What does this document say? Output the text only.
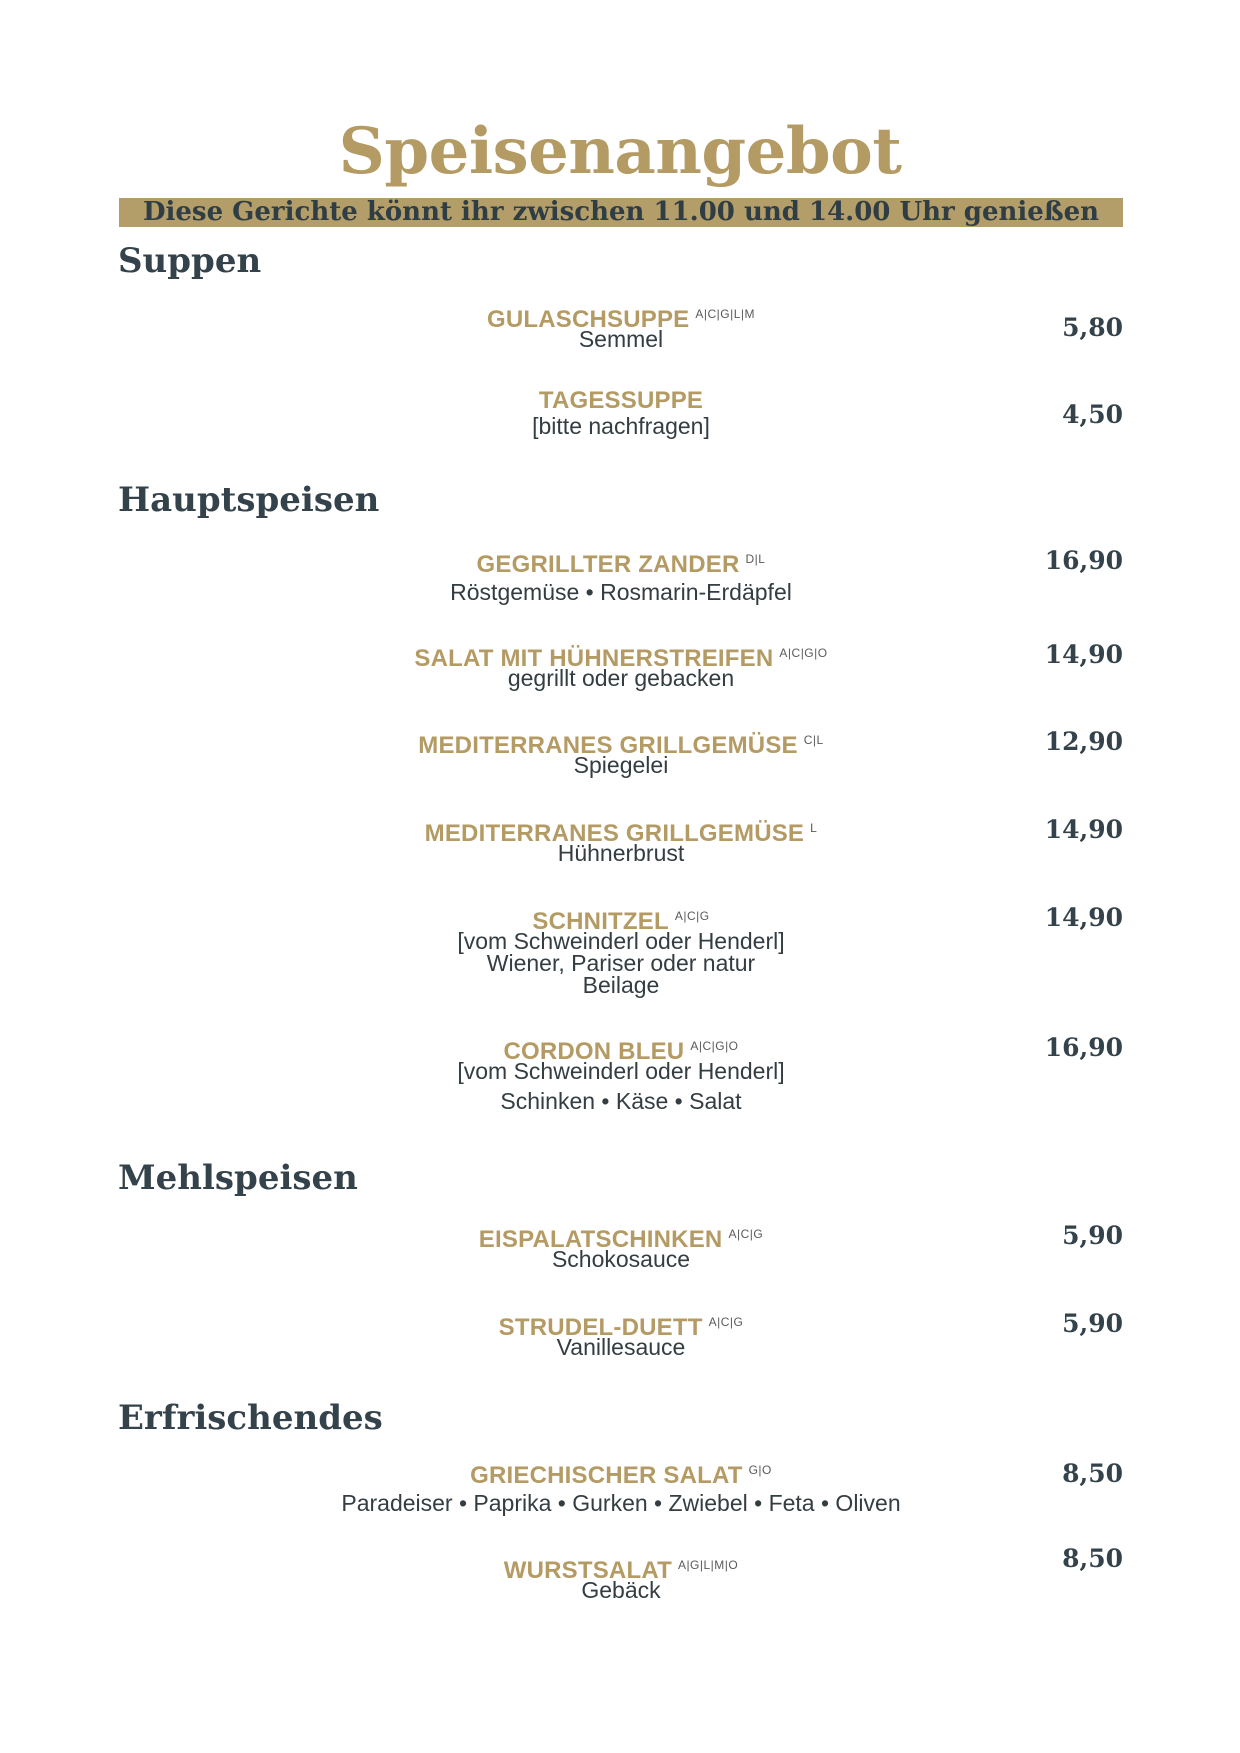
Speisenangebot
Diese Gerichte könnt ihr zwischen 11.00 und 14.00 Uhr genießen
Suppen
GULASCHSUPPE $^{A|C|G|L|M}$
Semmel	5,80
TAGESSUPPE
[bitte nachfragen]	4,50
Hauptspeisen
GEGRILLTER ZANDER $^{D|L}$
Röstgemüse • Rosmarin-Erdäpfel
16,90
SALAT MIT HÜHNERSTREIFEN $^{A|C|G|O}$
gegrillt oder gebacken
14,90
MEDITERRANES GRILLGEMÜSE $^{C|L}$
Spiegelei
12,90
MEDITERRANES GRILLGEMÜSE $^L$
Hühnerbrust
14,90
SCHNITZEL $^{A|C|G}$
[vom Schweinderl oder Henderl]
Wiener, Pariser oder natur
Beilage
14,90
CORDON BLEU $^{A|C|G|O}$
[vom Schweinderl oder Henderl]
Schinken • Käse • Salat
16,90
Mehlspeisen
EISPALATSCHINKEN $^{A|C|G}$
Schokosauce
5,90
STRUDEL-DUETT $^{A|C|G}$
Vanillesauce
5,90
Erfrischendes
GRIECHISCHER SALAT $^{G|O}$
Paradeiser • Paprika • Gurken • Zwiebel • Feta • Oliven
8,50
WURSTSALAT $^{A|G|L|M|O}$
Gebäck
8,50
